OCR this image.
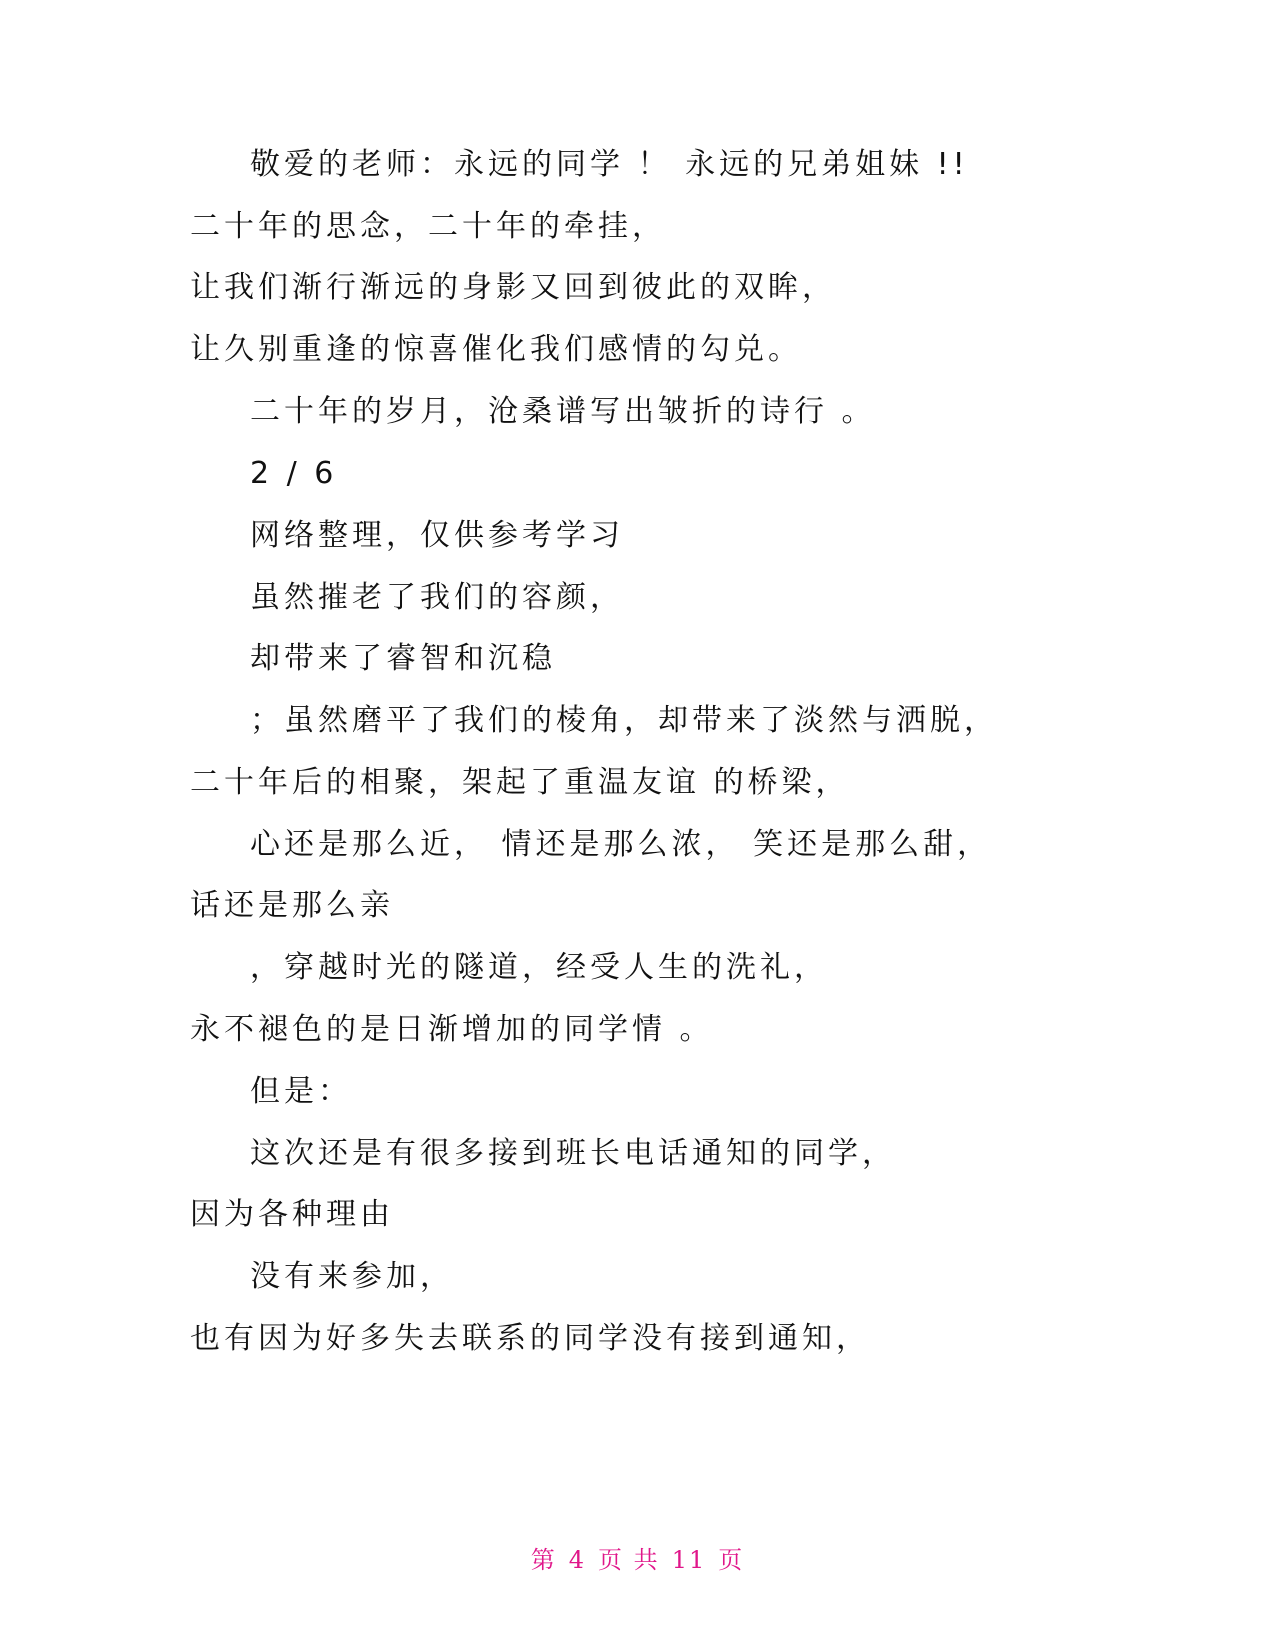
敬爱的老师：永远的同学 ！ 永远的兄弟姐妹 !!
二十年的思念，二十年的牵挂，
让我们渐行渐远的身影又回到彼此的双眸，
让久别重逢的惊喜催化我们感情的勾兑。
二十年的岁月，沧桑谱写出皱折的诗行 。
2 / 6
网络整理，仅供参考学习
虽然摧老了我们的容颜，
却带来了睿智和沉稳
；虽然磨平了我们的棱角，却带来了淡然与洒脱，
二十年后的相聚，架起了重温友谊 的桥梁，
心还是那么近， 情还是那么浓， 笑还是那么甜，
话还是那么亲
，穿越时光的隧道，经受人生的洗礼，
永不褪色的是日渐增加的同学情 。
但是：
这次还是有很多接到班长电话通知的同学，
因为各种理由
没有来参加，
也有因为好多失去联系的同学没有接到通知，
第 4 页 共 11 页
